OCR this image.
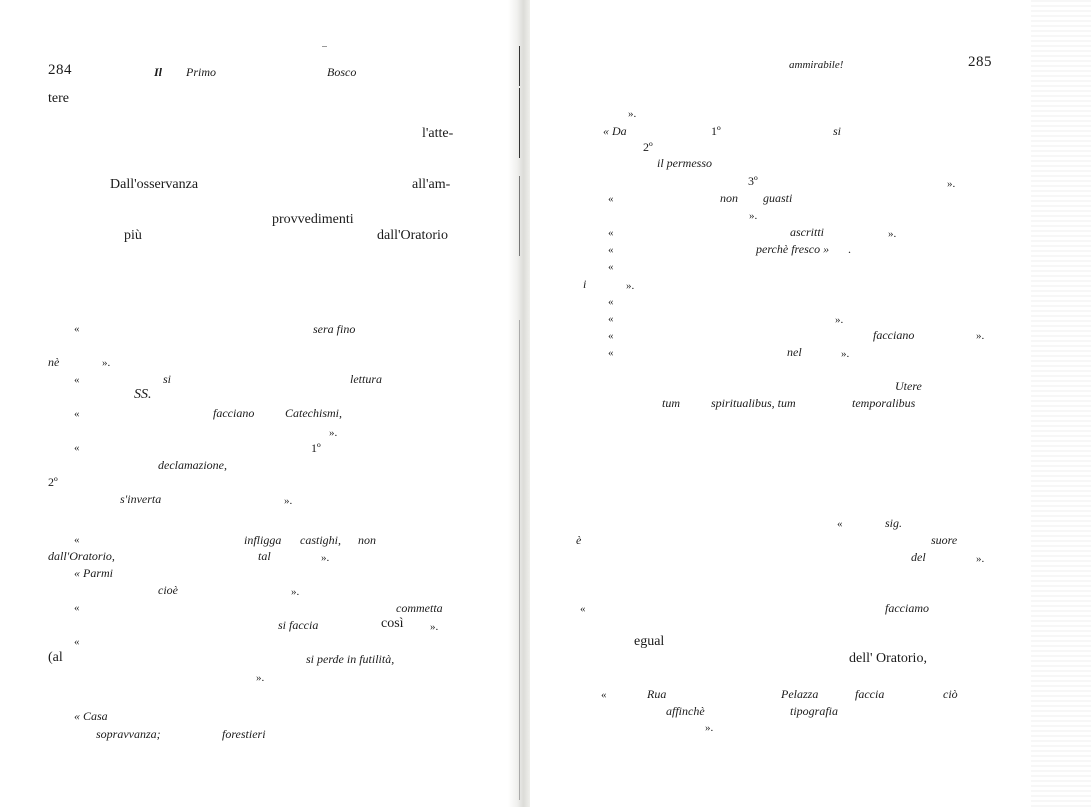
284	Il Primo	Bosco
tere
l'atte-
Dall'osservanza	all'am-
provvedimenti
più	dall'Oratorio
«	sera fino
nè	».
«	si	lettura
SS.
«	facciano	Catechismi,
».
«	1º
declamazione,
2º
s'inverta	».
«	infligga castighi, non
dall'Oratorio,	tal	».
« Parmi
cioè	».
«	commetta
si faccia	così ».
«
(al	si perde in futilità,
».
« Casa
sopravvanza;	forestieri
ammirabile!	285
».
« Da	1º	si
2º
il permesso
3º	».
«	non guasti
».
«	ascritti	».
«	perchè fresco » .
«
i	».
«
«	».
«	facciano	».
«	nel	».
Utere
tum	spiritualibus, tum	temporalibus
«	sig.
è	suore
del	».
«	facciamo
egual
dell' Oratorio,
«	Rua	Pelazza	faccia	ciò
affinchè	tipografia
».
